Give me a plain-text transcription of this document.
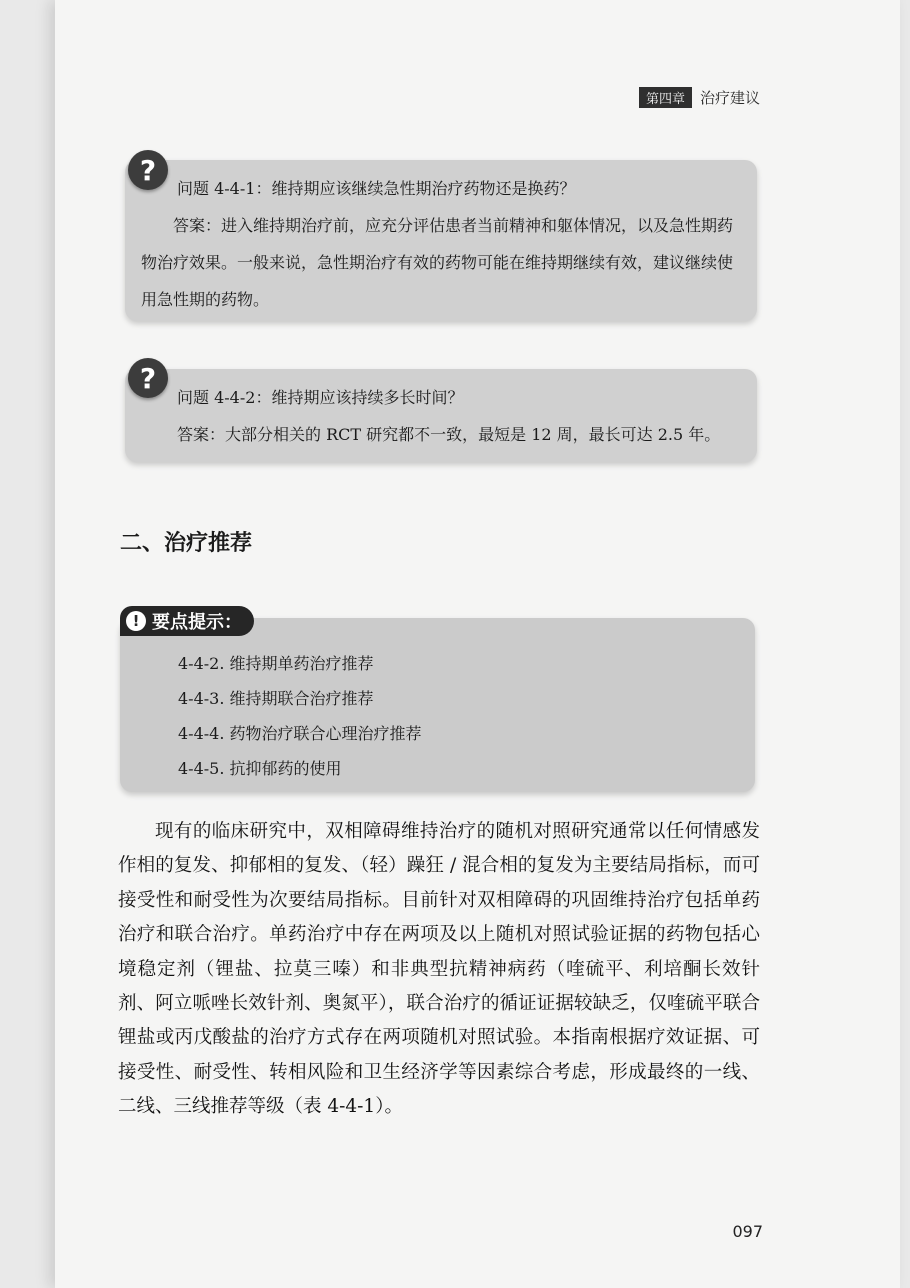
第四章	治疗建议

问题 4-4-1：维持期应该继续急性期治疗药物还是换药？

答案：进入维持期治疗前，应充分评估患者当前精神和躯体情况，以及急性期药物治疗效果。一般来说，急性期治疗有效的药物可能在维持期继续有效，建议继续使用急性期的药物。

?

问题 4-4-2：维持期应该持续多长时间？

答案：大部分相关的 RCT 研究都不一致，最短是 12 周，最长可达 2.5 年。

?
二、治疗推荐
! 要点提示：
4-4-2. 维持期单药治疗推荐
4-4-3. 维持期联合治疗推荐
4-4-4. 药物治疗联合心理治疗推荐
4-4-5. 抗抑郁药的使用

现有的临床研究中，双相障碍维持治疗的随机对照研究通常以任何情感发作相的复发、抑郁相的复发、（轻）躁狂 / 混合相的复发为主要结局指标，而可接受性和耐受性为次要结局指标。目前针对双相障碍的巩固维持治疗包括单药治疗和联合治疗。单药治疗中存在两项及以上随机对照试验证据的药物包括心境稳定剂（锂盐、拉莫三嗪）和非典型抗精神病药（喹硫平、利培酮长效针剂、阿立哌唑长效针剂、奥氮平），联合治疗的循证证据较缺乏，仅喹硫平联合锂盐或丙戊酸盐的治疗方式存在两项随机对照试验。本指南根据疗效证据、可接受性、耐受性、转相风险和卫生经济学等因素综合考虑，形成最终的一线、二线、三线推荐等级（表 4-4-1）。

097
